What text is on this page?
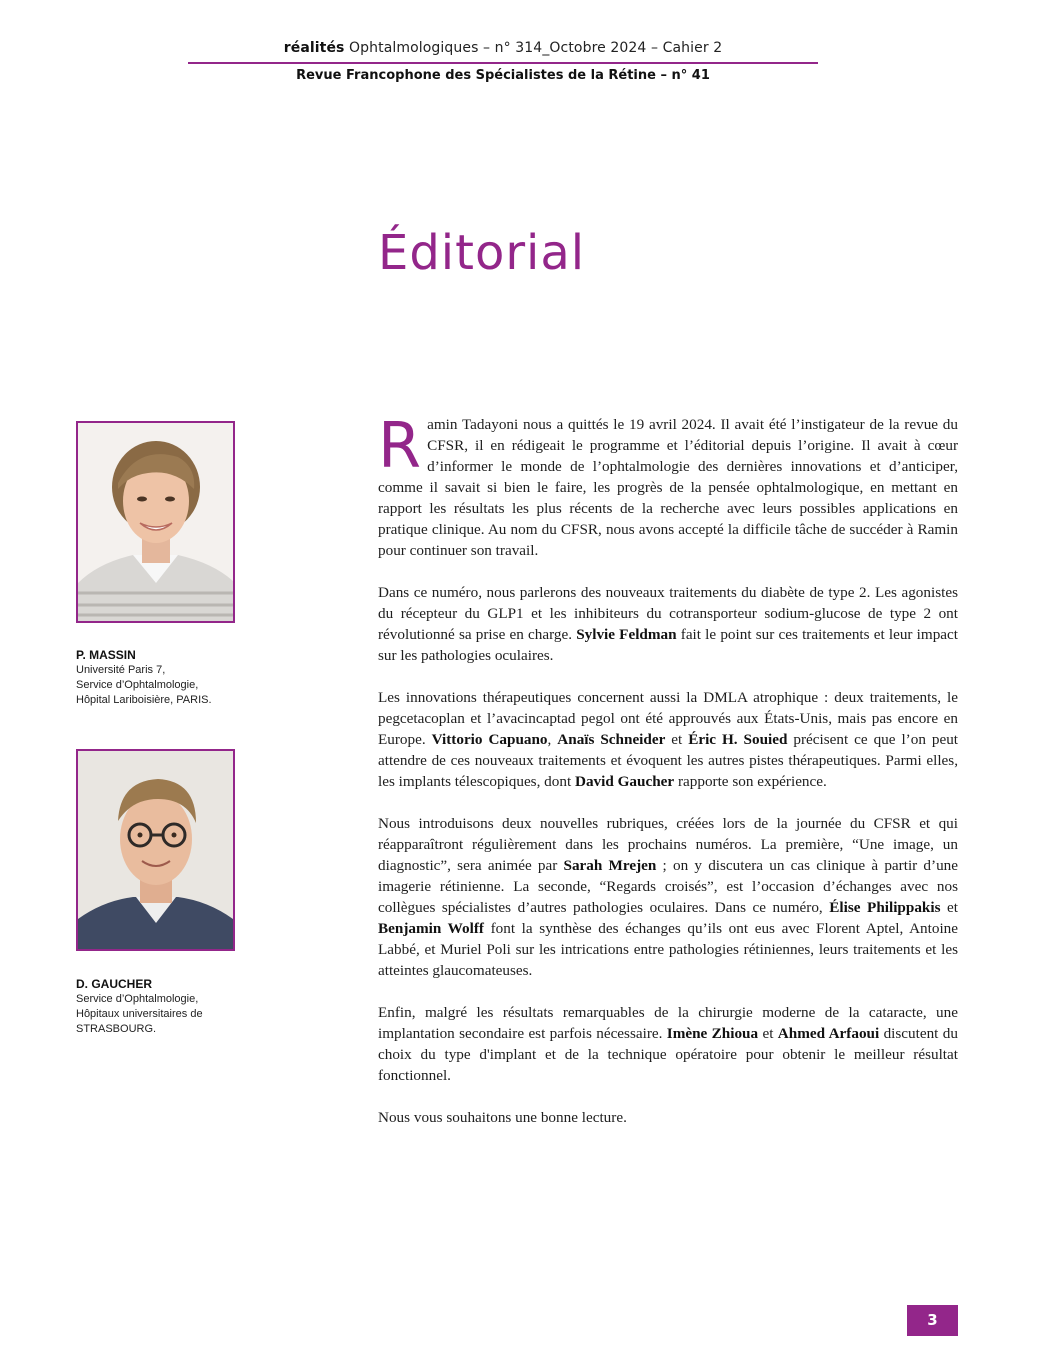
réalités Ophtalmologiques – n° 314_Octobre 2024 – Cahier 2
Revue Francophone des Spécialistes de la Rétine – n° 41
Éditorial
P. MASSIN
Université Paris 7,
Service d’Ophtalmologie,
Hôpital Lariboisière, PARIS.
D. GAUCHER
Service d’Ophtalmologie,
Hôpitaux universitaires de
STRASBOURG.

Ramin Tadayoni nous a quittés le 19 avril 2024. Il avait été l’instigateur de la revue du CFSR, il en rédigeait le programme et l’éditorial depuis l’origine. Il avait à cœur d’informer le monde de l’ophtalmologie des dernières innovations et d’anticiper, comme il savait si bien le faire, les progrès de la pensée ophtalmologique, en mettant en rapport les résultats les plus récents de la recherche avec leurs possibles applications en pratique clinique. Au nom du CFSR, nous avons accepté la difficile tâche de succéder à Ramin pour continuer son travail.

Dans ce numéro, nous parlerons des nouveaux traitements du diabète de type 2. Les agonistes du récepteur du GLP1 et les inhibiteurs du cotransporteur sodium-glucose de type 2 ont révolutionné sa prise en charge. Sylvie Feldman fait le point sur ces traitements et leur impact sur les pathologies oculaires.

Les innovations thérapeutiques concernent aussi la DMLA atrophique : deux traitements, le pegcetacoplan et l’avacincaptad pegol ont été approuvés aux États-Unis, mais pas encore en Europe. Vittorio Capuano, Anaïs Schneider et Éric H. Souied précisent ce que l’on peut attendre de ces nouveaux traitements et évoquent les autres pistes thérapeutiques. Parmi elles, les implants télescopiques, dont David Gaucher rapporte son expérience.

Nous introduisons deux nouvelles rubriques, créées lors de la journée du CFSR et qui réapparaîtront régulièrement dans les prochains numéros. La première, “Une image, un diagnostic”, sera animée par Sarah Mrejen ; on y discutera un cas clinique à partir d’une imagerie rétinienne. La seconde, “Regards croisés”, est l’occasion d’échanges avec nos collègues spécialistes d’autres pathologies oculaires. Dans ce numéro, Élise Philippakis et Benjamin Wolff font la synthèse des échanges qu’ils ont eus avec Florent Aptel, Antoine Labbé, et Muriel Poli sur les intrications entre pathologies rétiniennes, leurs traitements et les atteintes glaucomateuses.

Enfin, malgré les résultats remarquables de la chirurgie moderne de la cataracte, une implantation secondaire est parfois nécessaire. Imène Zhioua et Ahmed Arfaoui discutent du choix du type d'implant et de la technique opératoire pour obtenir le meilleur résultat fonctionnel.

Nous vous souhaitons une bonne lecture.

3
